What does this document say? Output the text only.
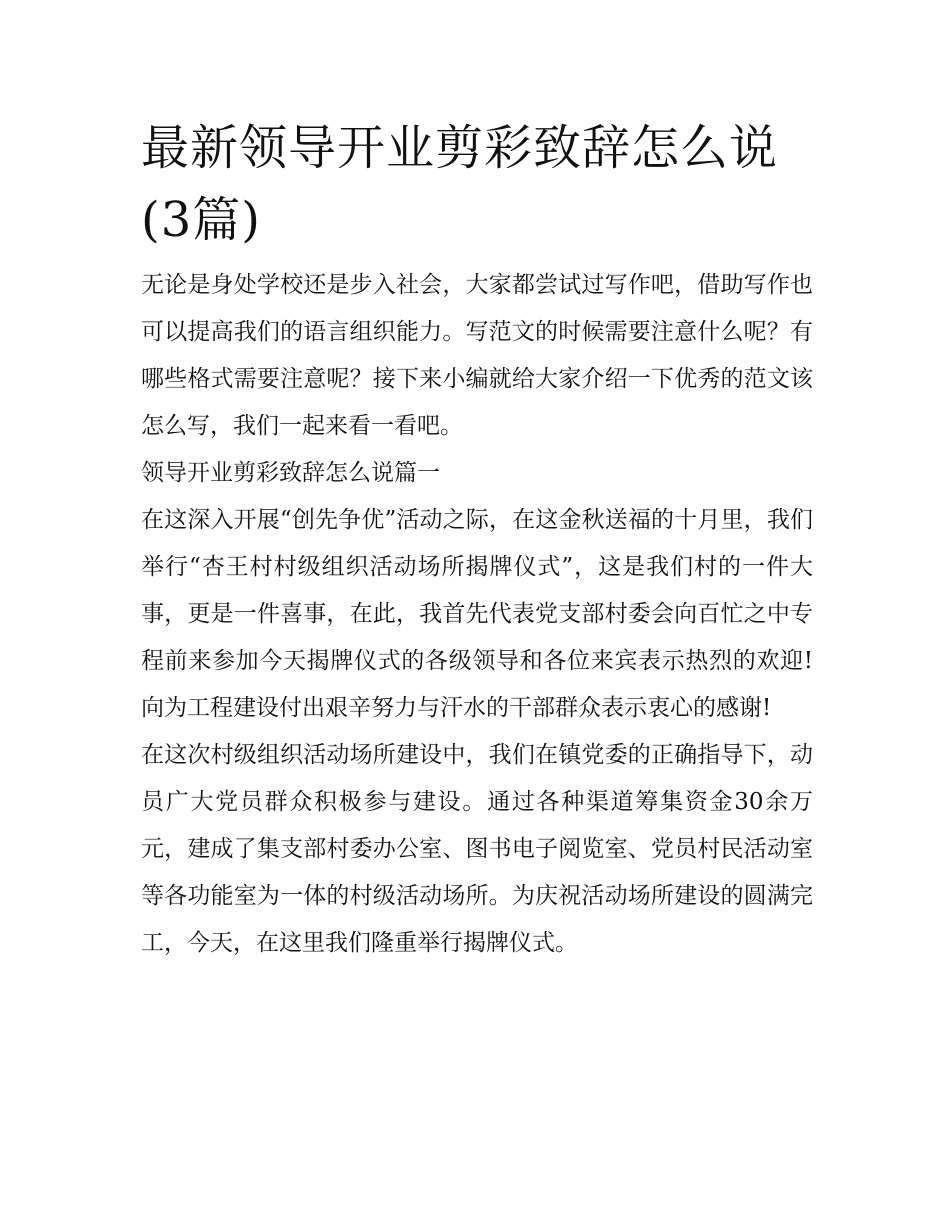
最新领导开业剪彩致辞怎么说(3篇)

无论是身处学校还是步入社会，大家都尝试过写作吧，借助写作也可以提高我们的语言组织能力。写范文的时候需要注意什么呢？有哪些格式需要注意呢？接下来小编就给大家介绍一下优秀的范文该怎么写，我们一起来看一看吧。

领导开业剪彩致辞怎么说篇一

在这深入开展“创先争优”活动之际，在这金秋送福的十月里，我们举行“杏王村村级组织活动场所揭牌仪式”，这是我们村的一件大事，更是一件喜事，在此，我首先代表党支部村委会向百忙之中专程前来参加今天揭牌仪式的各级领导和各位来宾表示热烈的欢迎!向为工程建设付出艰辛努力与汗水的干部群众表示衷心的感谢!

在这次村级组织活动场所建设中，我们在镇党委的正确指导下，动员广大党员群众积极参与建设。通过各种渠道筹集资金30余万元，建成了集支部村委办公室、图书电子阅览室、党员村民活动室等各功能室为一体的村级活动场所。为庆祝活动场所建设的圆满完工，今天，在这里我们隆重举行揭牌仪式。
